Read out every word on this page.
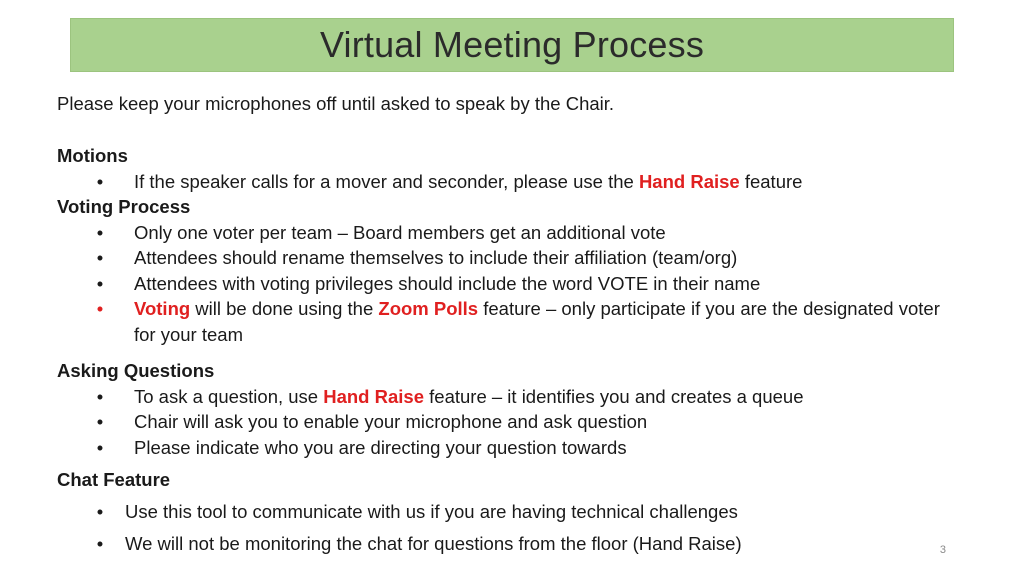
Virtual Meeting Process
Please keep your microphones off until asked to speak by the Chair.
Motions
• If the speaker calls for a mover and seconder, please use the Hand Raise feature
Voting Process
• Only one voter per team – Board members get an additional vote
• Attendees should rename themselves to include their affiliation (team/org)
• Attendees with voting privileges should include the word VOTE in their name
• Voting will be done using the Zoom Polls feature – only participate if you are the designated voter for your team
Asking Questions
• To ask a question, use Hand Raise feature – it identifies you and creates a queue
• Chair will ask you to enable your microphone and ask question
• Please indicate who you are directing your question towards
Chat Feature
• Use this tool to communicate with us if you are having technical challenges
• We will not be monitoring the chat for questions from the floor (Hand Raise)	3
